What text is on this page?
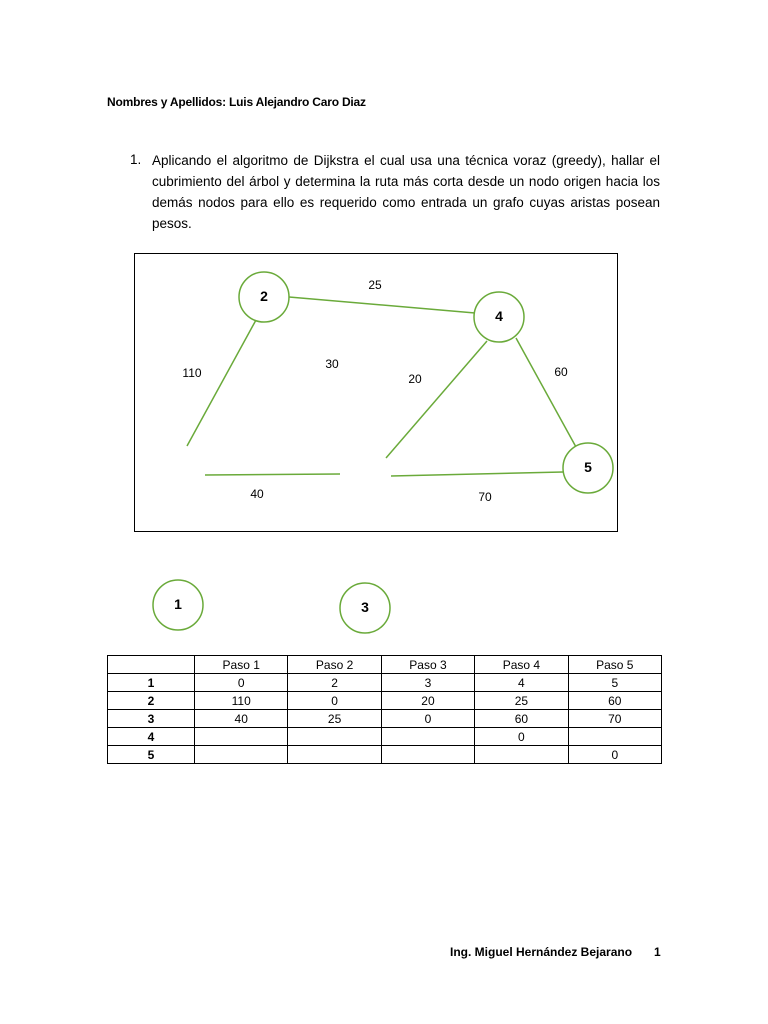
Nombres y Apellidos: Luis Alejandro Caro Diaz
1. Aplicando el algoritmo de Dijkstra el cual usa una técnica voraz (greedy), hallar el cubrimiento del árbol y determina la ruta más corta desde un nodo origen hacia los demás nodos para ello es requerido como entrada un grafo cuyas aristas posean pesos.
2
4
5
1	3
25
110
30
20	60
40	70
	Paso 1	Paso 2	Paso 3	Paso 4	Paso 5
1	0	2	3	4	5
2	110	0	20	25	60
3	40	25	0	60	70
4				0	
5					0
Ing. Miguel Hernández Bejarano 1
